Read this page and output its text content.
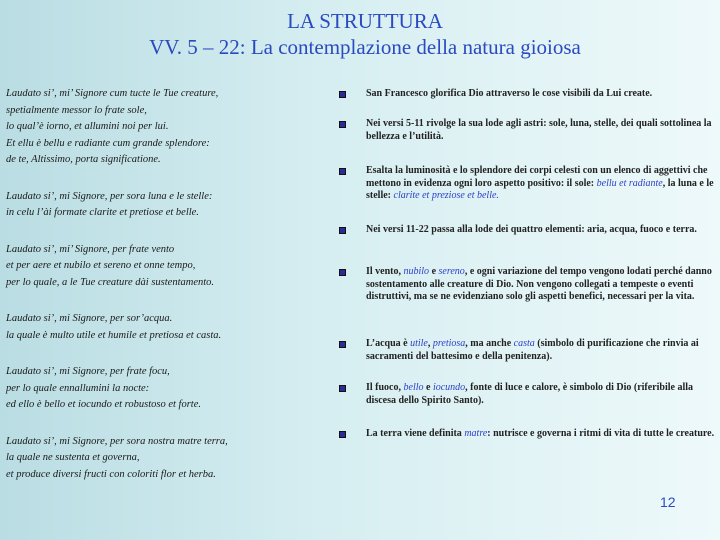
LA STRUTTURA
VV. 5 – 22: La contemplazione della natura gioiosa
Laudato si’, mi’ Signore cum tucte le Tue creature,
spetialmente messor lo frate sole,
lo qual’è iorno, et allumini noi per lui.
Et ellu è bellu e radiante cum grande splendore:
de te, Altissimo, porta significatione.
Laudato si’, mi Signore, per sora luna e le stelle:
in celu l’ài formate clarite et pretiose et belle.
Laudato si’, mi’ Signore, per frate vento
et per aere et nubilo et sereno et onne tempo,
per lo quale, a le Tue creature dài sustentamento.
Laudato si’, mi Signore, per sor’acqua.
la quale è multo utile et humile et pretiosa et casta.
Laudato si’, mi Signore, per frate focu,
per lo quale ennallumini la nocte:
ed ello è bello et iocundo et robustoso et forte.
Laudato si’, mi Signore, per sora nostra matre terra,
la quale ne sustenta et governa,
et produce diversi fructi con coloriti flor et herba.
San Francesco glorifica Dio attraverso le cose visibili da Lui create.
Nei versi 5-11 rivolge la sua lode agli astri: sole, luna, stelle, dei quali sottolinea la bellezza e l’utilità.
Esalta la luminosità e lo splendore dei corpi celesti con un elenco di aggettivi che mettono in evidenza ogni loro aspetto positivo: il sole: bellu et radiante, la luna e le stelle: clarite et preziose et belle.
Nei versi 11-22 passa alla lode dei quattro elementi: aria, acqua, fuoco e terra.
Il vento, nubilo e sereno, e ogni variazione del tempo vengono lodati perché danno sostentamento alle creature di Dio. Non vengono collegati a tempeste o eventi distruttivi, ma se ne evidenziano solo gli aspetti benefici, necessari per la vita.
L’acqua è utile, pretiosa, ma anche casta (simbolo di purificazione che rinvia ai sacramenti del battesimo e della penitenza).
Il fuoco, bello e iocundo, fonte di luce e calore, è simbolo di Dio (riferibile alla discesa dello Spirito Santo).
La terra viene definita matre: nutrisce e governa i ritmi di vita di tutte le creature.
12
